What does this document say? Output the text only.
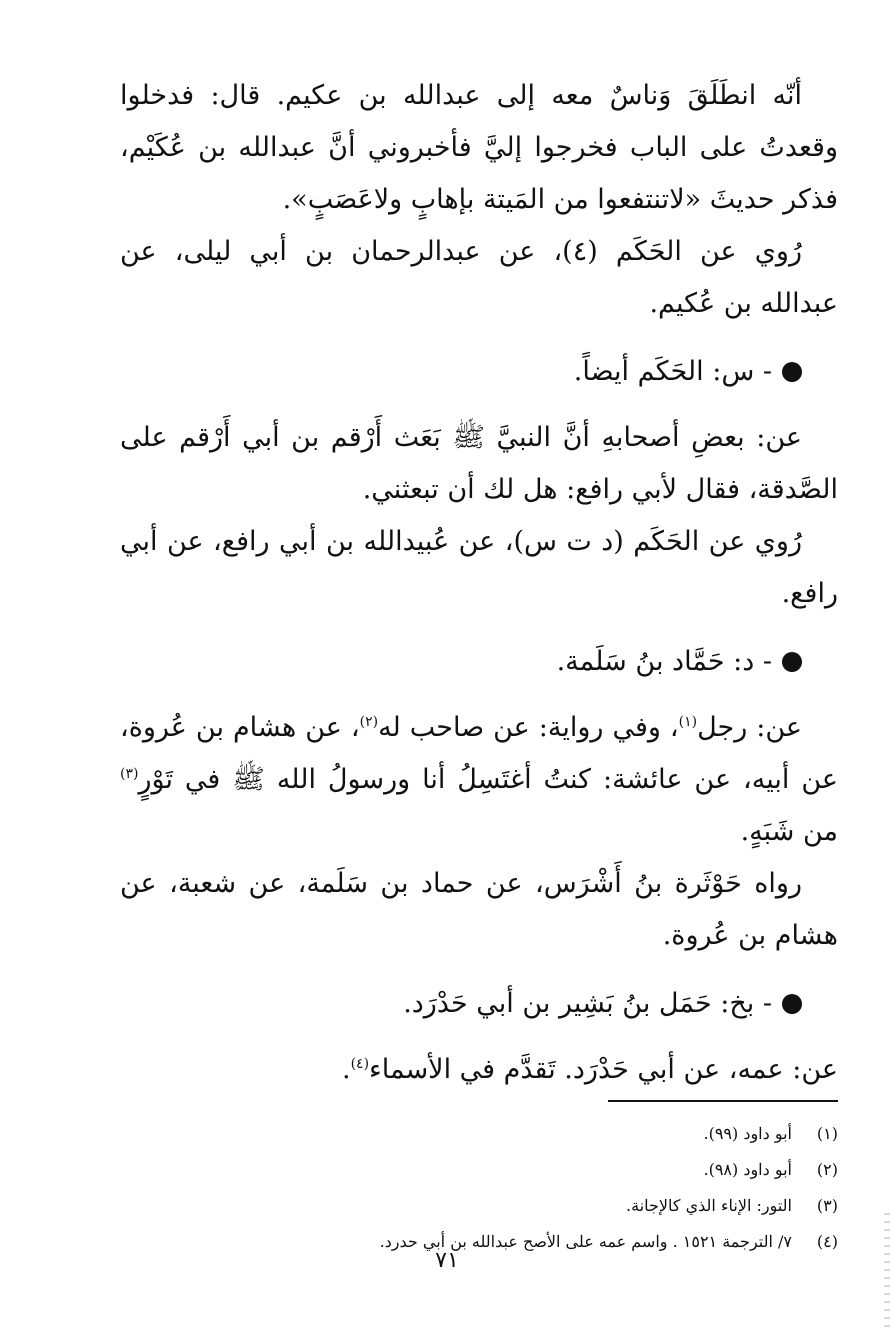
أنّه انطَلَقَ وَناسٌ معه إلى عبدالله بن عكيم. قال: فدخلوا وقعدتُ على الباب فخرجوا إليَّ فأخبروني أنَّ عبدالله بن عُكَيْم، فذكر حديثَ «لاتنتفعوا من المَيتة بإهابٍ ولاعَصَبٍ».

رُوي عن الحَكَم (٤)، عن عبدالرحمان بن أبي ليلى، عن عبدالله بن عُكيم.

- س: الحَكَم أيضاً.

عن: بعضِ أصحابهِ أنَّ النبيَّ ﷺ بَعَث أَرْقم بن أبي أَرْقم على الصَّدقة، فقال لأبي رافع: هل لك أن تبعثني.

رُوي عن الحَكَم (د ت س)، عن عُبيدالله بن أبي رافع، عن أبي رافع.

- د: حَمَّاد بنُ سَلَمة.

عن: رجل$^{(١)}$، وفي رواية: عن صاحب له$^{(٢)}$، عن هشام بن عُروة، عن أبيه، عن عائشة: كنتُ أغتَسِلُ أنا ورسولُ الله ﷺ في تَوْرٍ$^{(٣)}$ من شَبَهٍ.

رواه حَوْثَرة بنُ أَشْرَس، عن حماد بن سَلَمة، عن شعبة، عن هشام بن عُروة.

- بخ: حَمَل بنُ بَشِير بن أبي حَدْرَد.

عن: عمه، عن أبي حَدْرَد. تَقدَّم في الأسماء$^{(٤)}$.

(١)
أبو داود (٩٩).
(٢)
أبو داود (٩٨).
(٣)
التور: الإناء الذي كالإجانة.
(٤)
٧/ الترجمة ١٥٢١ . واسم عمه على الأصح عبدالله بن أبي حدرد.
٧١
